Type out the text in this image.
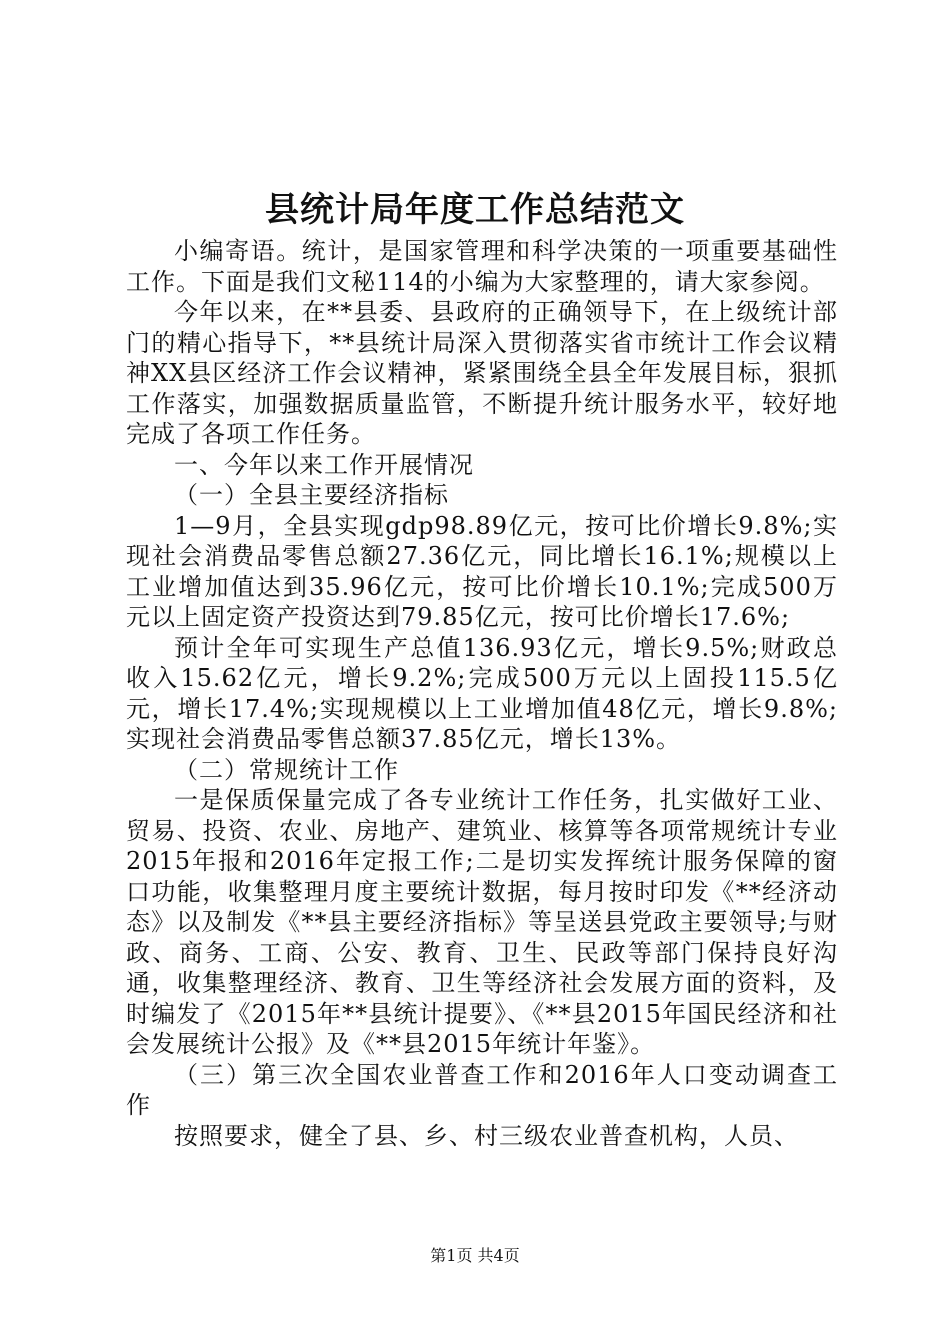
县统计局年度工作总结范文

小编寄语。统计，是国家管理和科学决策的一项重要基础性工作。下面是我们文秘114的小编为大家整理的，请大家参阅。

今年以来，在**县委、县政府的正确领导下，在上级统计部门的精心指导下，**县统计局深入贯彻落实省市统计工作会议精神XX县区经济工作会议精神，紧紧围绕全县全年发展目标，狠抓工作落实，加强数据质量监管，不断提升统计服务水平，较好地完成了各项工作任务。

一、今年以来工作开展情况

（一）全县主要经济指标

1—9月，全县实现gdp98.89亿元，按可比价增长9.8%;实现社会消费品零售总额27.36亿元，同比增长16.1%;规模以上工业增加值达到35.96亿元，按可比价增长10.1%;完成500万元以上固定资产投资达到79.85亿元，按可比价增长17.6%;

预计全年可实现生产总值136.93亿元，增长9.5%;财政总收入15.62亿元，增长9.2%;完成500万元以上固投115.5亿元，增长17.4%;实现规模以上工业增加值48亿元，增长9.8%;实现社会消费品零售总额37.85亿元，增长13%。

（二）常规统计工作

一是保质保量完成了各专业统计工作任务，扎实做好工业、贸易、投资、农业、房地产、建筑业、核算等各项常规统计专业2015年报和2016年定报工作;二是切实发挥统计服务保障的窗口功能，收集整理月度主要统计数据，每月按时印发《**经济动态》以及制发《**县主要经济指标》等呈送县党政主要领导;与财政、商务、工商、公安、教育、卫生、民政等部门保持良好沟通，收集整理经济、教育、卫生等经济社会发展方面的资料，及时编发了《2015年**县统计提要》、《**县2015年国民经济和社会发展统计公报》及《**县2015年统计年鉴》。

（三）第三次全国农业普查工作和2016年人口变动调查工作

按照要求，健全了县、乡、村三级农业普查机构，人员、

第1页 共4页
